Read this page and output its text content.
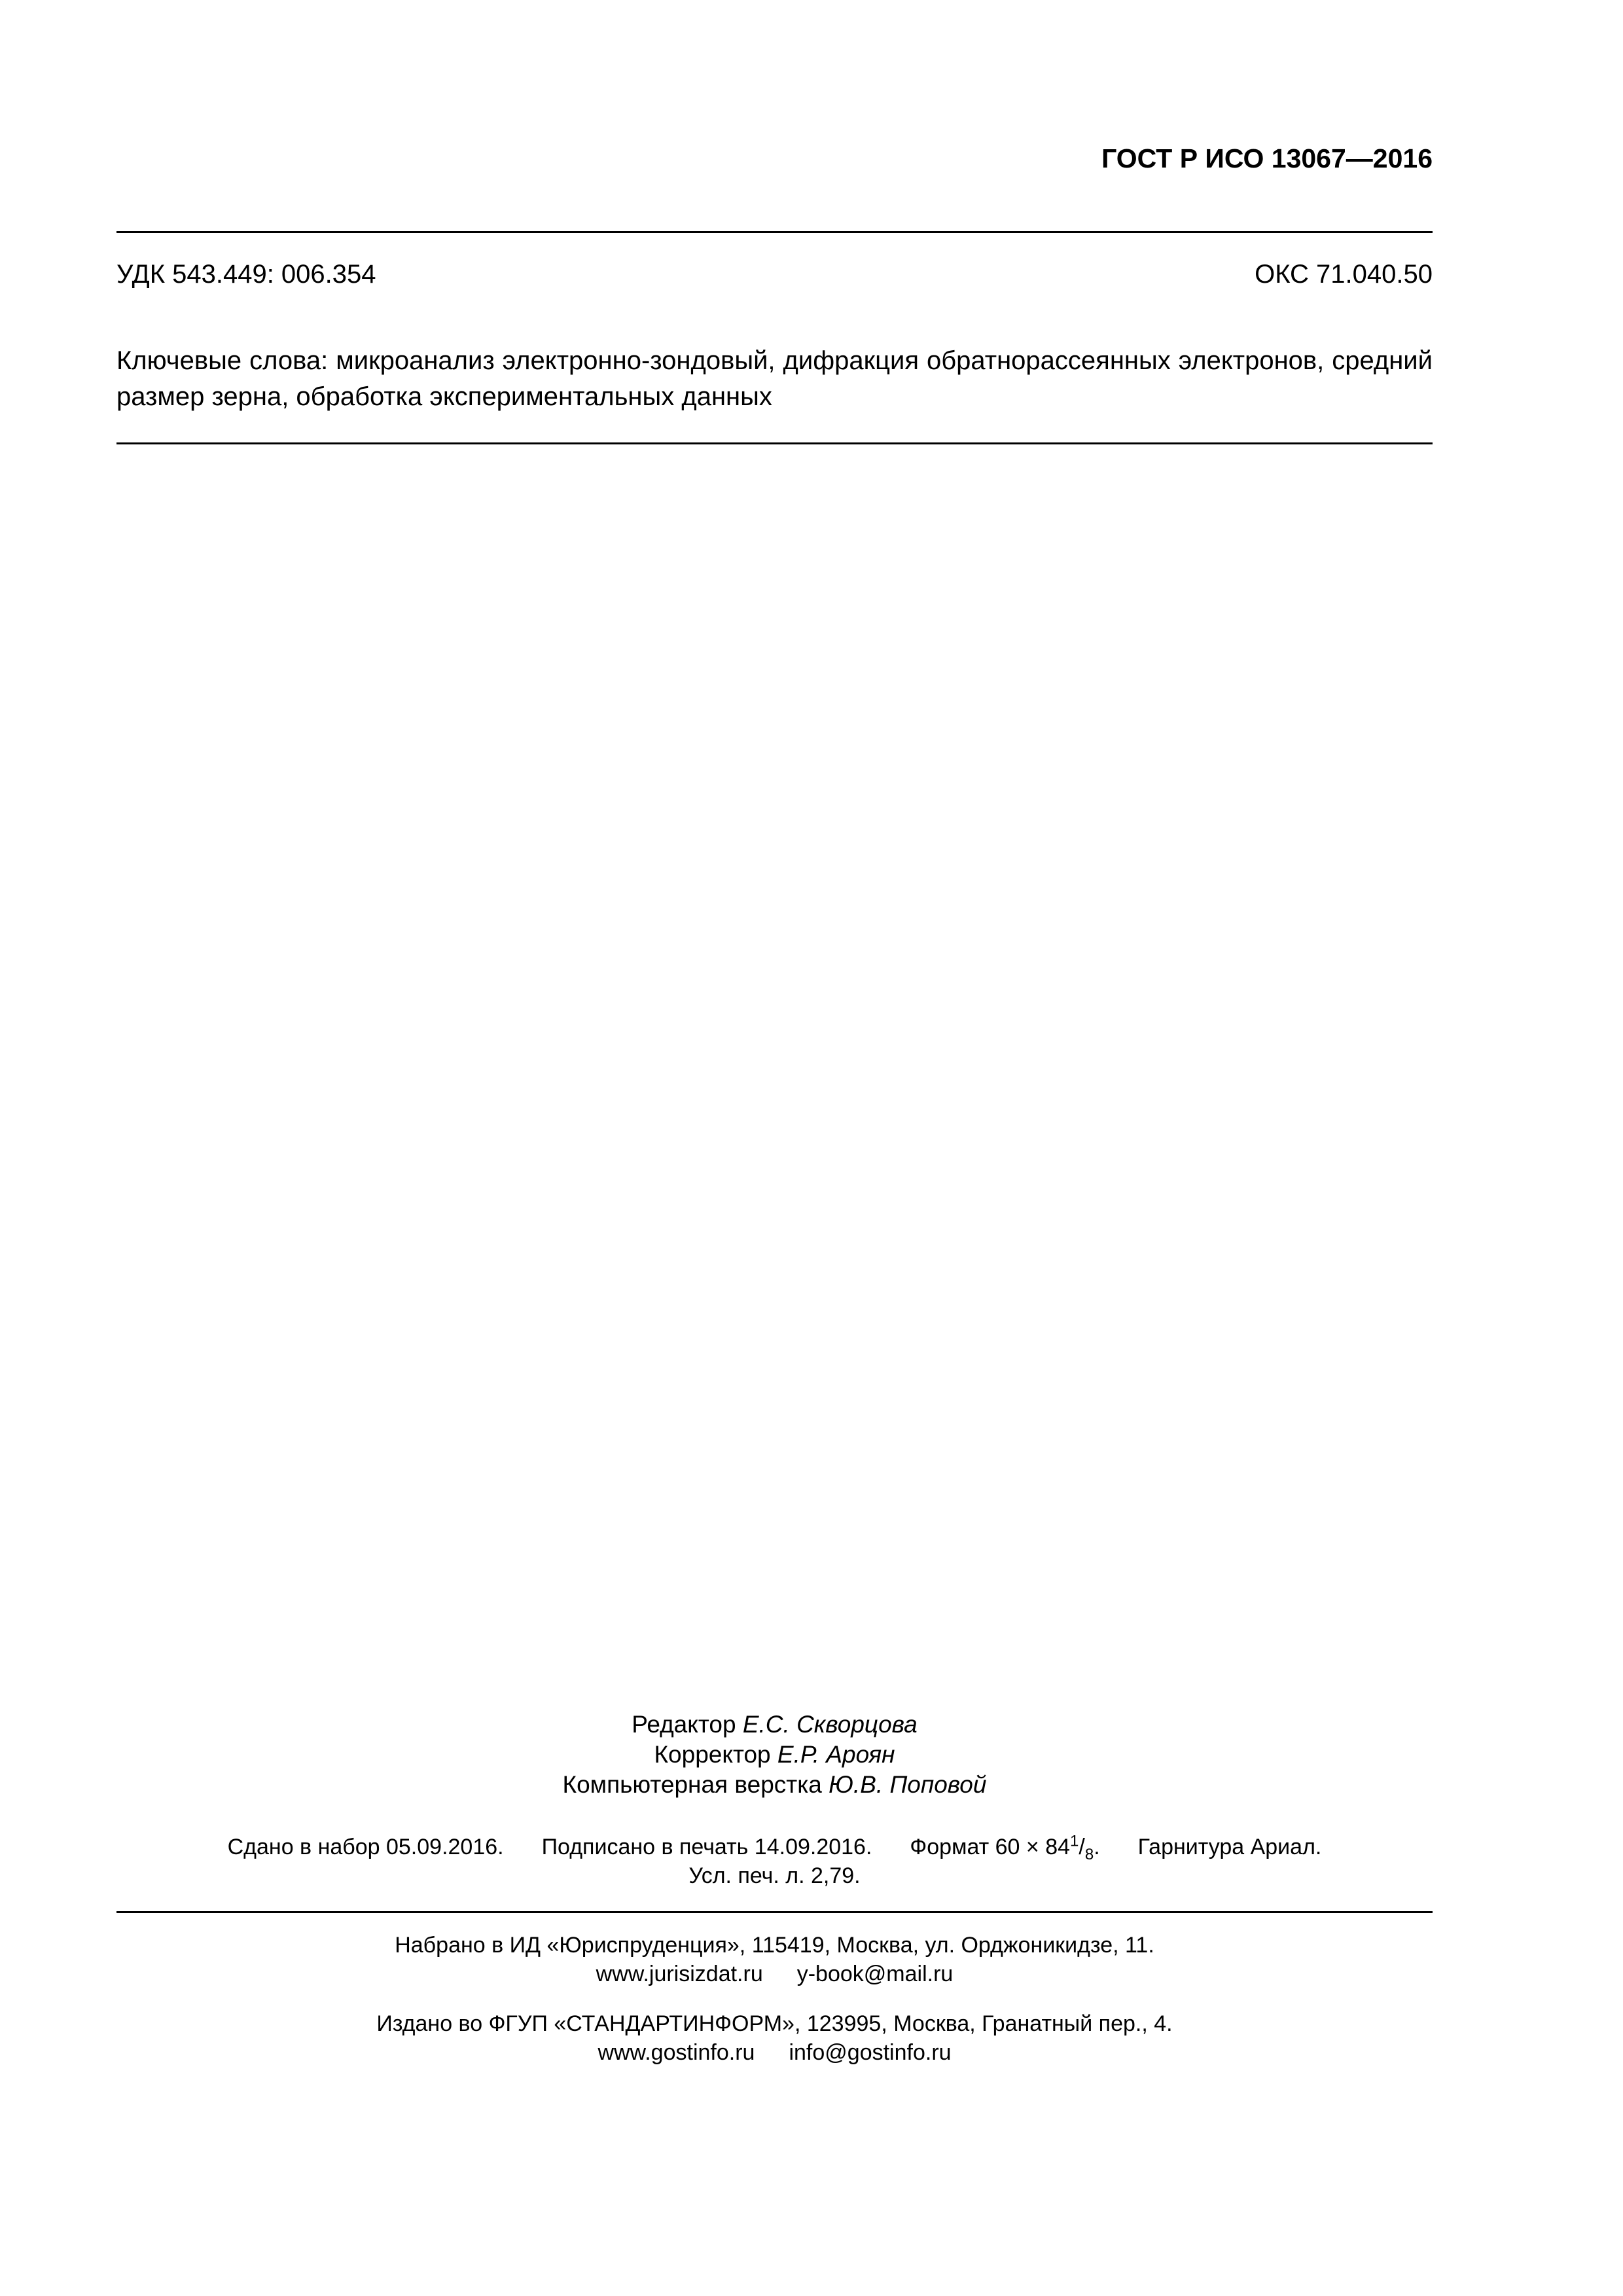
ГОСТ Р ИСО 13067—2016
УДК 543.449: 006.354	ОКС 71.040.50
Ключевые слова: микроанализ электронно-зондовый, дифракция обратнорассеянных электронов, средний размер зерна, обработка экспериментальных данных
Редактор Е.С. Скворцова
Корректор Е.Р. Ароян
Компьютерная верстка Ю.В. Поповой
Сдано в набор 05.09.2016. Подписано в печать 14.09.2016. Формат $60 \times 84^1/_8$. Гарнитура Ариал.
Усл. печ. л. 2,79.
Набрано в ИД «Юриспруденция», 115419, Москва, ул. Орджоникидзе, 11.
www.jurisizdat.ru y-book@mail.ru
Издано во ФГУП «СТАНДАРТИНФОРМ», 123995, Москва, Гранатный пер., 4.
www.gostinfo.ru info@gostinfo.ru
